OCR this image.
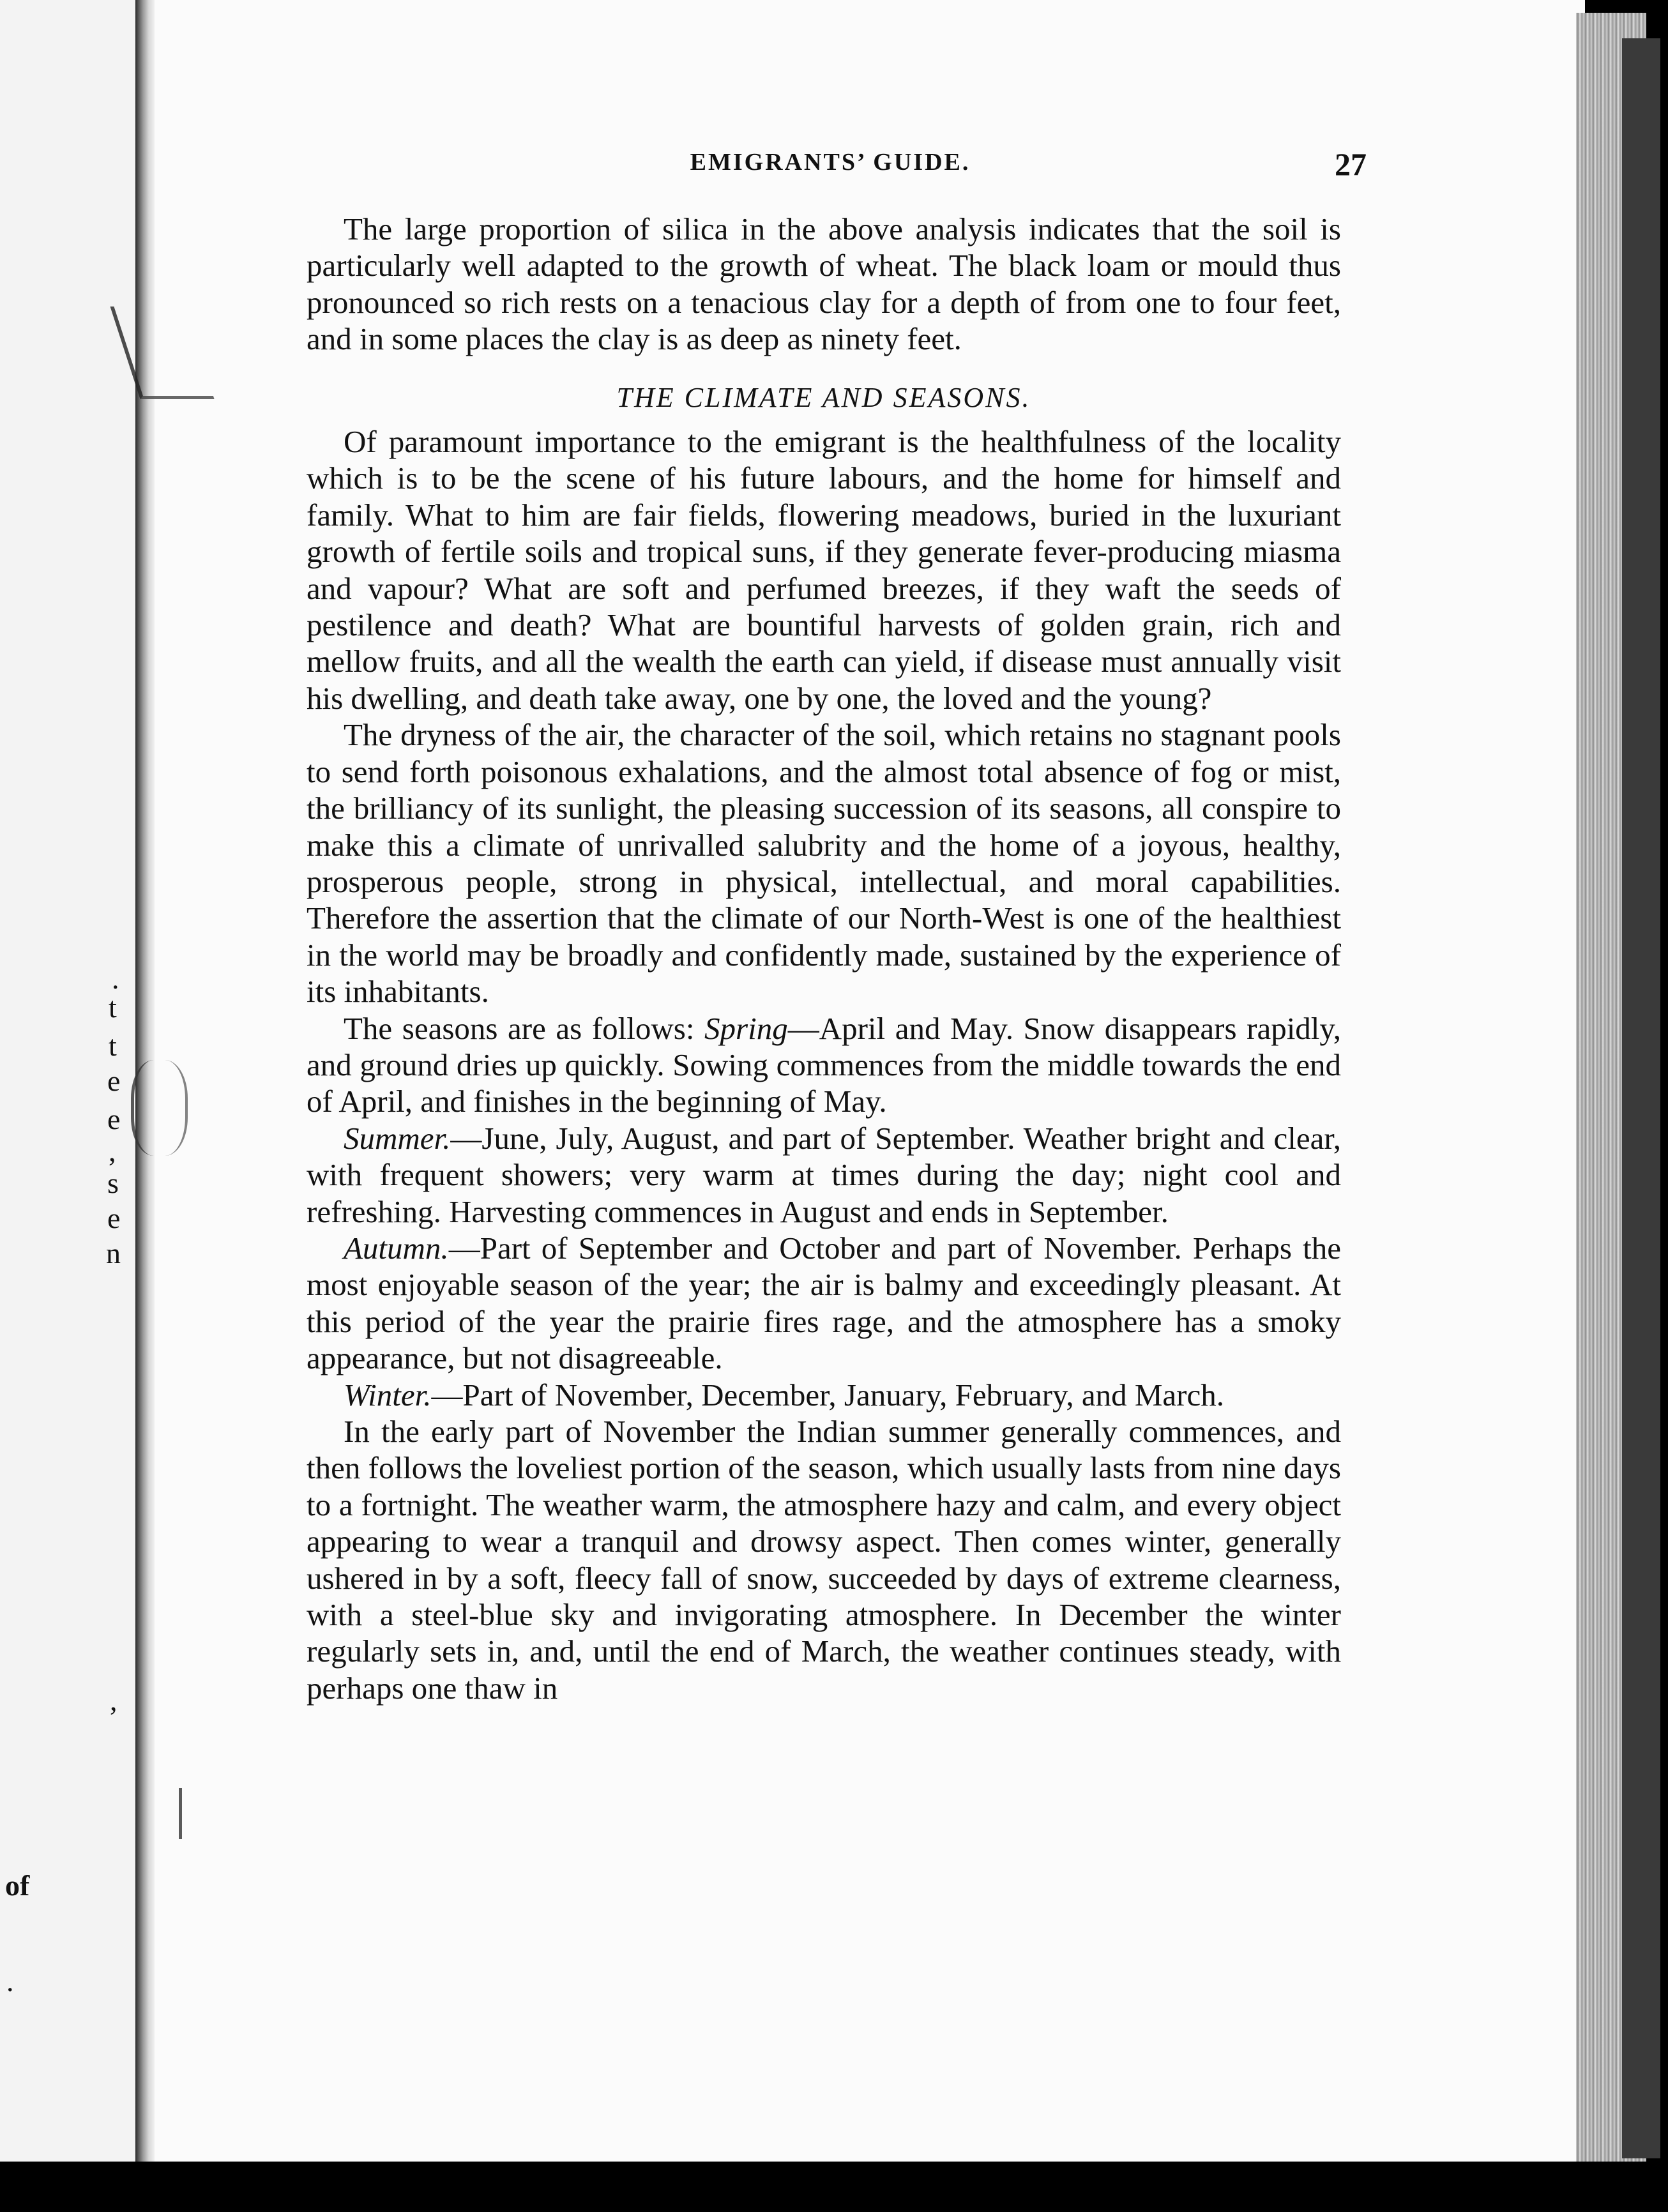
.
t
t
e
e
,
s
e
n
,
of
.
EMIGRANTS’ GUIDE.	27

The large proportion of silica in the above analysis indicates that the soil is particularly well adapted to the growth of wheat. The black loam or mould thus pronounced so rich rests on a tenacious clay for a depth of from one to four feet, and in some places the clay is as deep as ninety feet.

THE CLIMATE AND SEASONS.

Of paramount importance to the emigrant is the healthfulness of the locality which is to be the scene of his future labours, and the home for himself and family. What to him are fair fields, flowering meadows, buried in the luxuriant growth of fertile soils and tropical suns, if they generate fever-producing miasma and vapour? What are soft and perfumed breezes, if they waft the seeds of pestilence and death? What are bountiful harvests of golden grain, rich and mellow fruits, and all the wealth the earth can yield, if disease must annually visit his dwelling, and death take away, one by one, the loved and the young?

The dryness of the air, the character of the soil, which retains no stagnant pools to send forth poisonous exhalations, and the almost total absence of fog or mist, the brilliancy of its sunlight, the pleasing succession of its seasons, all conspire to make this a climate of unrivalled salubrity and the home of a joyous, healthy, prosperous people, strong in physical, intellectual, and moral capabilities. Therefore the assertion that the climate of our North-West is one of the healthiest in the world may be broadly and confidently made, sustained by the experience of its inhabitants.

The seasons are as follows: Spring—April and May. Snow disappears rapidly, and ground dries up quickly. Sowing commences from the middle towards the end of April, and finishes in the beginning of May.

Summer.—June, July, August, and part of September. Weather bright and clear, with frequent showers; very warm at times during the day; night cool and refreshing. Harvesting commences in August and ends in September.

Autumn.—Part of September and October and part of November. Perhaps the most enjoyable season of the year; the air is balmy and exceedingly pleasant. At this period of the year the prairie fires rage, and the atmosphere has a smoky appearance, but not disagreeable.

Winter.—Part of November, December, January, February, and March.

In the early part of November the Indian summer generally commences, and then follows the loveliest portion of the season, which usually lasts from nine days to a fortnight. The weather warm, the atmosphere hazy and calm, and every object appearing to wear a tranquil and drowsy aspect. Then comes winter, generally ushered in by a soft, fleecy fall of snow, succeeded by days of extreme clearness, with a steel-blue sky and invigorating atmosphere. In December the winter regularly sets in, and, until the end of March, the weather continues steady, with perhaps one thaw in
